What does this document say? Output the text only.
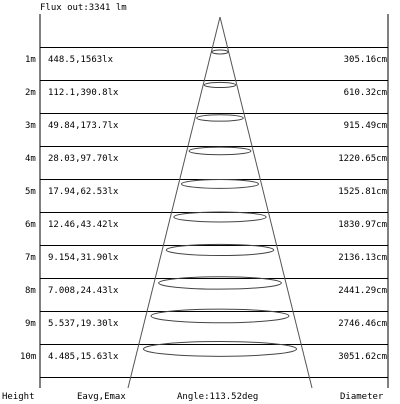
Flux out:3341 lm
1m 448.5,1563lx	305.16cm
2m 112.1,390.8lx	610.32cm
3m 49.84,173.7lx	915.49cm
4m 28.03,97.70lx	1220.65cm
5m 17.94,62.53lx	1525.81cm
6m 12.46,43.42lx	1830.97cm
7m 9.154,31.90lx	2136.13cm
8m 7.008,24.43lx	2441.29cm
9m 5.537,19.30lx	2746.46cm
10m 4.485,15.63lx	3051.62cm
Height	Eavg,Emax	Angle:113.52deg	Diameter
